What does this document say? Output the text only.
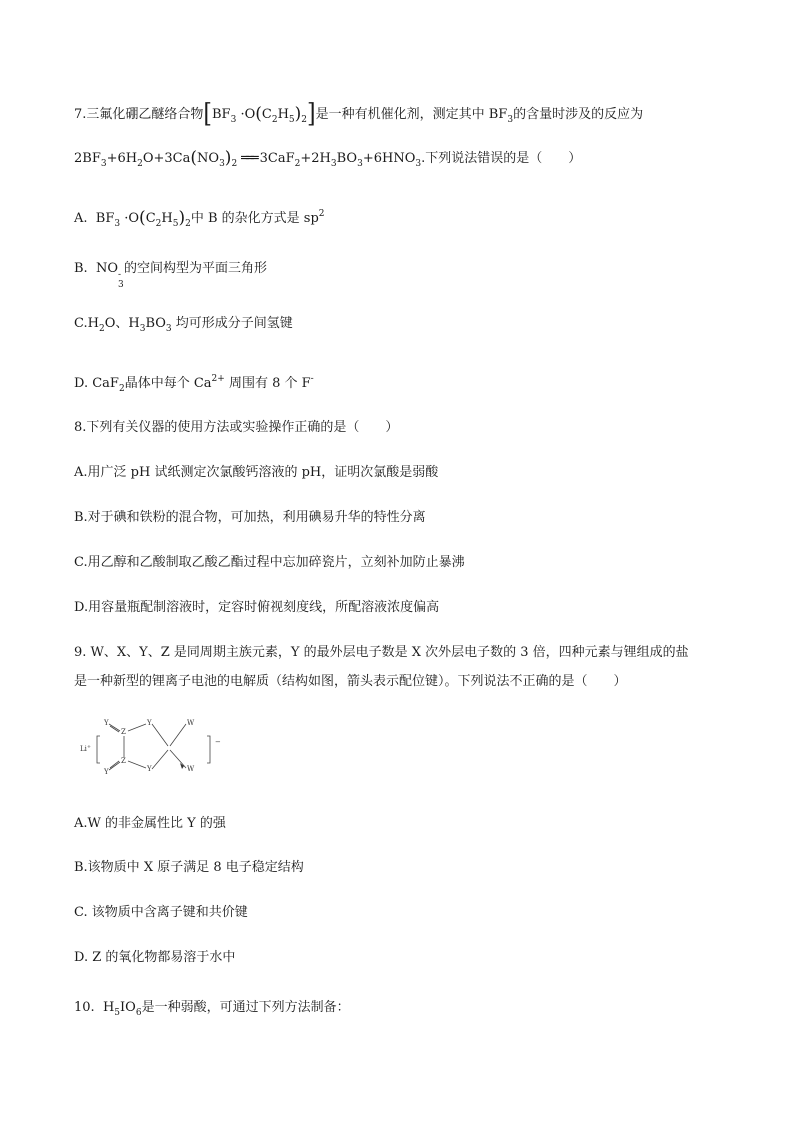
7.三氟化硼乙醚络合物$[BF_3 \cdot O(C_2H_5)_2]$是一种有机催化剂，测定其中 $BF_3$的含量时涉及的反应为
$2BF_3+6H_2O+3Ca(NO_3)_2$ ═══ $3CaF_2+2H_3BO_3+6HNO_3$.下列说法错误的是（　　）
A.  $BF_3 \cdot O(C_2H_5)_2$中 B 的杂化方式是 $sp^2$
B. NO -
3
的空间构型为平面三角形
$C.H_2O$、$H_3BO_3$ 均可形成分子间氢键
D. CaF$_2$晶体中每个 $Ca^{2+}$ 周围有 8 个 F-
8.下列有关仪器的使用方法或实验操作正确的是（　　）
A.用广泛 pH 试纸测定次氯酸钙溶液的 pH，证明次氯酸是弱酸
B.对于碘和铁粉的混合物，可加热，利用碘易升华的特性分离
C.用乙醇和乙酸制取乙酸乙酯过程中忘加碎瓷片，立刻补加防止暴沸
D.用容量瓶配制溶液时，定容时俯视刻度线，所配溶液浓度偏高
9. W、X、Y、Z 是同周期主族元素，Y 的最外层电子数是 X 次外层电子数的 3 倍，四种元素与锂组成的盐
是一种新型的锂离子电池的电解质（结构如图，箭头表示配位键）。下列说法不正确的是（　　）
Li+
Y
Y
Z
Z
Y
Y
W
W
−
A.W 的非金属性比 Y 的强
B.该物质中 X 原子满足 8 电子稳定结构
C. 该物质中含离子键和共价键
D. Z 的氧化物都易溶于水中
10. $H_5IO_6$是一种弱酸，可通过下列方法制备：
